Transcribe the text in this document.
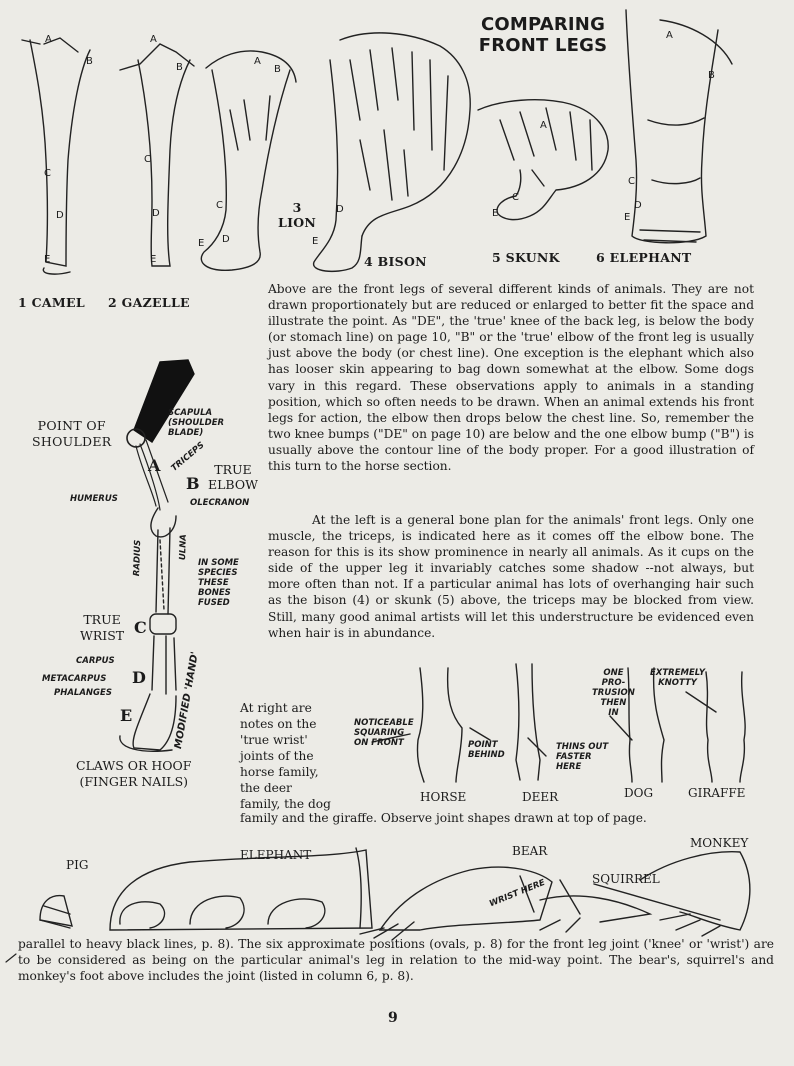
COMPARING
FRONT LEGS
1 CAMEL 2 GAZELLE
3
LION
4 BISON	5 SKUNK	6 ELEPHANT
A
B
C
D
E
A
B
C
D
E
A
B
C
D
E
D
E
A
C
E
A
B
C
D
E

Above are the front legs of several different kinds of animals. They are not drawn proportionately but are reduced or enlarged to better fit the space and illustrate the point. As "DE", the 'true' knee of the back leg, is below the body (or stomach line) on page 10, "B" or the 'true' elbow of the front leg is usually just above the body (or chest line). One exception is the elephant which also has looser skin appearing to bag down somewhat at the elbow. Some dogs vary in this regard. These observations apply to animals in a standing position, which so often needs to be drawn. When an animal extends his front legs for action, the elbow then drops below the chest line. So, remember the two knee bumps ("DE" on page 10) are below and the one elbow bump ("B") is usually above the contour line of the body proper. For a good illustration of this turn to the horse section.

POINT OF
SHOULDER
SCAPULA
(SHOULDER
BLADE)
TRICEPS
A
B
TRUE
ELBOW
HUMERUS	OLECRANON
RADIUS	ULNA
IN SOME
SPECIES
THESE
BONES
FUSED
TRUE
WRIST C
CARPUS
METACARPUS
PHALANGES
D
E	MODIFIED 'HAND'
CLAWS OR HOOF
(FINGER NAILS)

At the left is a general bone plan for the animals' front legs. Only one muscle, the triceps, is indicated here as it comes off the elbow bone. The reason for this is its show prominence in nearly all animals. As it cups on the side of the upper leg it invariably catches some shadow --not always, but more often than not. If a particular animal has lots of overhanging hair such as the bison (4) or skunk (5) above, the triceps may be blocked from view. Still, many good animal artists will let this understructure be evidenced even when hair is in abundance.

At right are notes on the 'true wrist' joints of the horse family, the deer family, the dog

family and the giraffe. Observe joint shapes drawn at top of page.
NOTICEABLE
SQUARING
ON FRONT	POINT
BEHIND
THINS OUT
FASTER
HERE
ONE
PRO-
TRUSION
THEN
IN
EXTREMELY
KNOTTY
HORSE	DEER	DOG	GIRAFFE
PIG
ELEPHANT	BEAR
MONKEY
SQUIRREL
WRIST HERE

parallel to heavy black lines, p. 8). The six approximate positions (ovals, p. 8) for the front leg joint ('knee' or 'wrist') are to be considered as being on the particular animal's leg in relation to the mid-way point. The bear's, squirrel's and monkey's foot above includes the joint (listed in column 6, p. 8).

9
